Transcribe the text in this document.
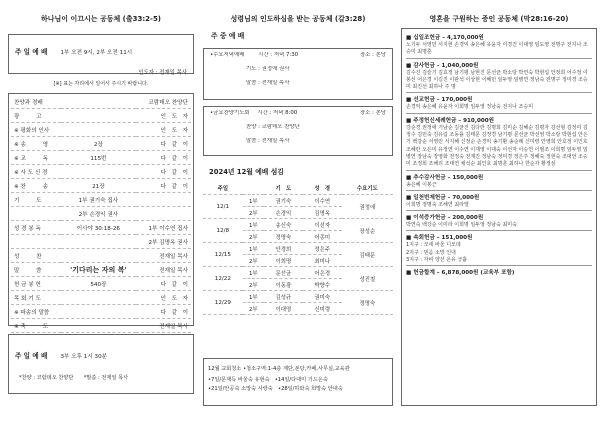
하나님이 이끄시는 공동체 (출33:2-5)
주 일 예 배 1부 오전 9시, 2부 오전 11시
인도자 : 전재일 목사
[※] 표는 자리에서 일어서 주시기 바랍니다.
찬양과 경배		코람데오 찬양단
광　　　고		인　도　자
※ 평화의 인사		인　도　자
※ 송　　　영	2장	다　같　이
※ 교　　　독	115번	다　같　이
※ 사 도 신 경		다　같　이
※ 찬　　　송	21장	다　같　이
기　　　도	1부 권기숙 집사	
	2부 손경익 권사	
성 경 봉 독	이사야 30:18-26	1부 이수연 집사
		2부 김명옥 권사
성　　　찬		전재일 목사
말　　　씀	'기다리는 자의 복'	전재일 목사
헌 금 봉 헌	540장	다　같　이
목 회 기 도		인　도　자
※ 파송의 말씀		다　같　이
※ 축　　　도		전재일 목사
주 일 예 배 3부 오후 1시 30분
*찬양 : 코람데오 찬양단　　*말씀 : 전재일 목사
성령님의 인도하심을 받는 공동체 (갈3:28)
주 중 예 배
•수요저녁예배	시간 : 저녁 7:30	장소 : 본당
기도 : 권정애 권사
말씀 : 전재일 목사
•금요찬양기도회 시간 : 저녁 8:00	장소 : 본당
찬양 : 코람데오 찬양단
말씀 : 전재일 목사
2024년 12월 예배 섬김
주일		기　도	성　경	수요기도
12/1	1부	권기숙	이수연	권정애
	2부	손경익	김명옥	
12/8	1부	송신숙	이선자	장성순
	2부	정명숙	어종미	
12/15	1부	안경희	정은주	김태문
	2부	이희명	최미나	
12/22	1부	문선균	어은경	성진철
	2부	이동광	박향수	
12/29	1부	김성규	권미숙	정명숙
	2부	이대영	신미령	
12월 교회청소 •청소구역:1-4층 계단,본당,카페,사무실,교육관
•7일/문재득 바울숙 유현숙　•14일/다대미 기드온숙
•21일/안공숙 소망숙 사랑숙　•28일/하와숙 희망숙 안내숙
영혼을 구원하는 증인 공동체 (막28:16-20)
■ 십일조헌금 – 4,170,000원
노기두 서영민 서지현 손경익 송은혜 유윤자 이경진 이대영 임도영 전명구 전지나 조승미 최명훈
■ 감사헌금 – 1,040,000원
김수진 김슬기 김효정 남기평 남현진 문선균 박소랑 박연숙 박현섭 안정희 어수정 이봉선 어은경 이길진 이판석 이상현 이혜민 임두영 임병연 정남숙 전명구 정미경 조승미 최진선 최하나 주 명
■ 선교헌금 – 170,000원
손경익 송은혜 유윤자 이희명 임두영 정남숙 전지나 조승미
■ 주정헌신세례헌금 – 910,000원
강순경 권정애 기남순 김균진 김다란 김명희 김미순 김혜순 김평자 김선형 김정미 김정수 김민숙 김유림 조동률 김태문 김정경 남기평 문선균 박선영 박소랑 박현섭 안은기 백강순 서영민 서지혜 신정순 손경익 송기환 송순례 신미령 안영희 안호정 이인호 조혜란 오은미 유정연 이수연 이재영 이대숙 이선자 이승연 이필조 이희명 임두영 임병연 장남숙 장영화 전정숙 전재진 정남숙 정미경 정은주 정혜숙 정현숙 조대언 조승미 조정희 조해리 조태연 채석순 최인호 최명훈 최하나 한순자 황정심
■ 추수감사헌금 – 150,000원
송은혜 이봉근
■ 일천번제헌금 – 70,000원
이희명 정명숙 조해연 최라엘
■ 이석증가헌금 – 200,000원
박연숙 백강순 이미라 이희명 임두영 정남숙 최미숙
■ 속회헌금 – 151,000원
1지구 : 모세 바울 디모데
2지구 : 믿음 소망 인내
3지구 : 자비 양선 온유 긍휼
■ 헌금합계 – 6,878,000원 (교육부 포함)
